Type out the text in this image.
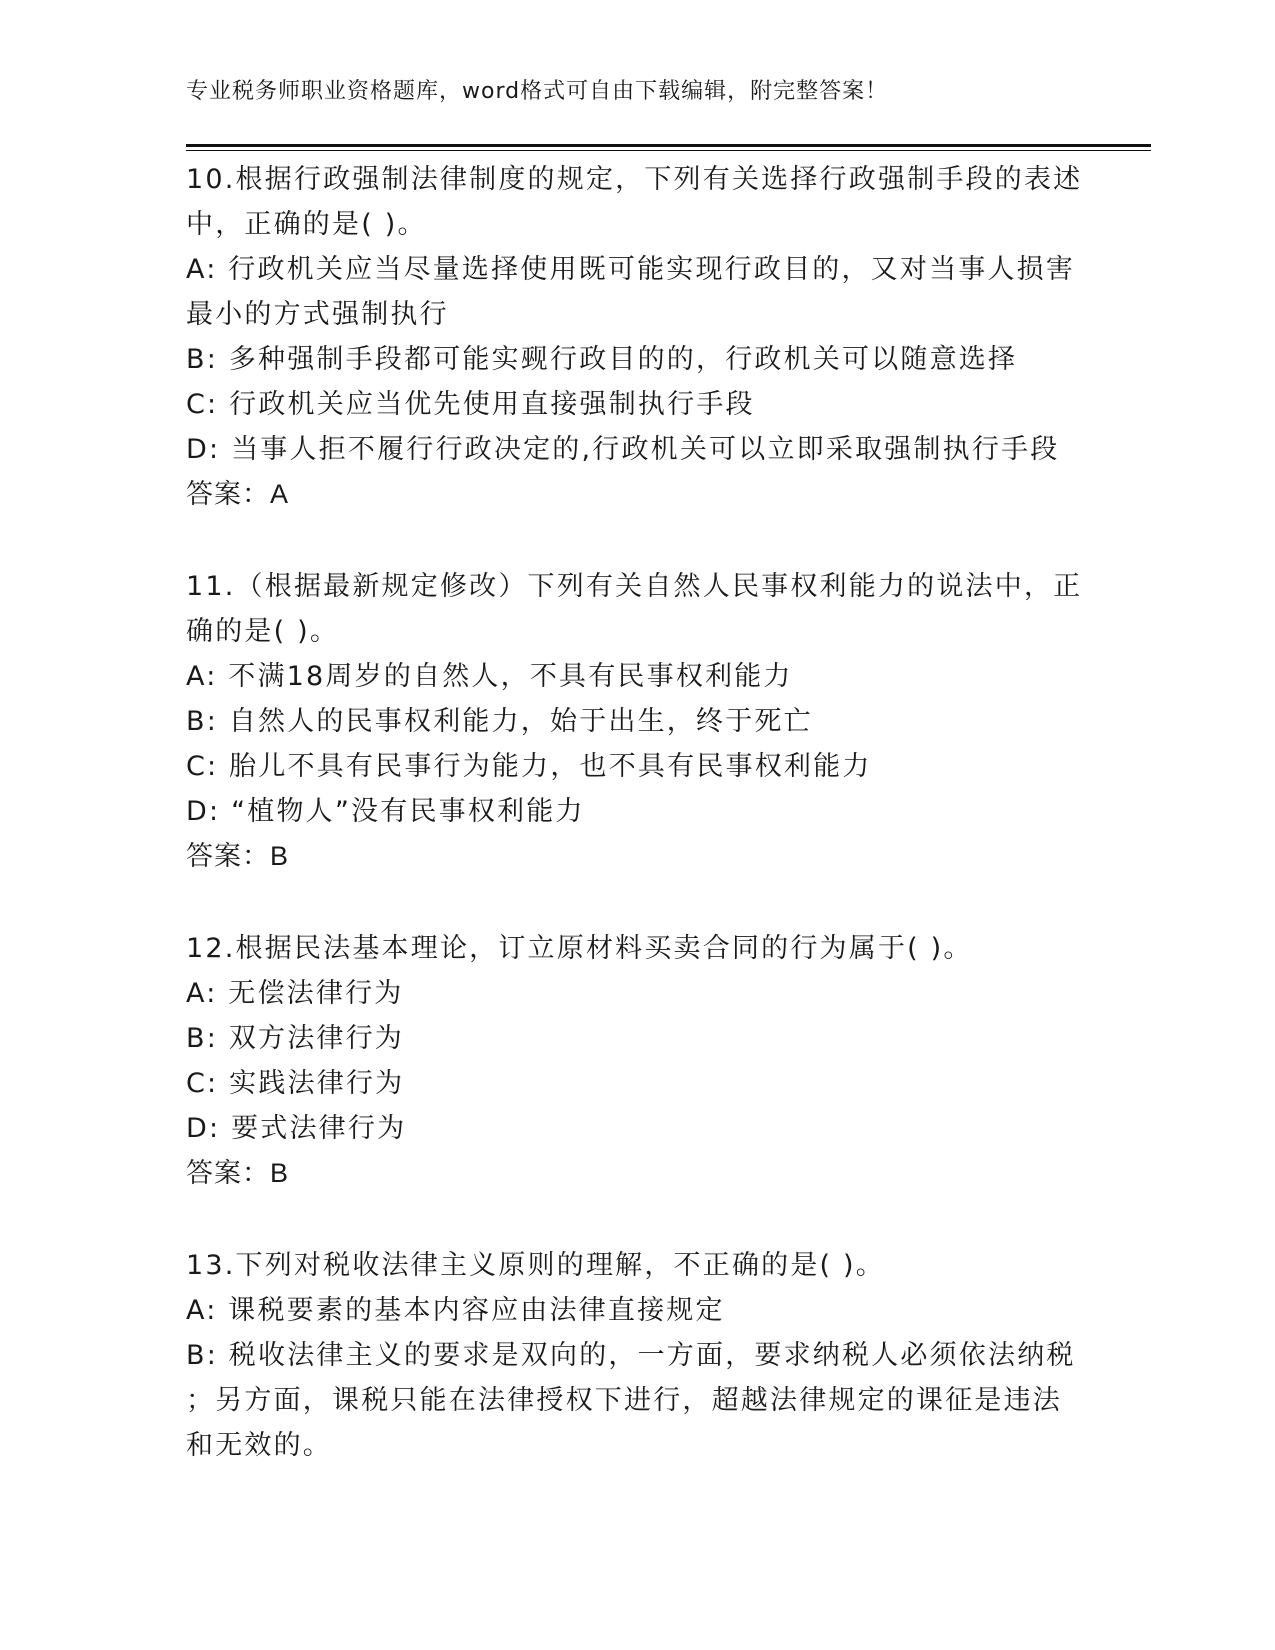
专业税务师职业资格题库，word格式可自由下载编辑，附完整答案！
10.根据行政强制法律制度的规定，下列有关选择行政强制手段的表述
中，正确的是( )。
A: 行政机关应当尽量选择使用既可能实现行政目的，又对当事人损害
最小的方式强制执行
B: 多种强制手段都可能实觋行政目的的，行政机关可以随意选择
C: 行政机关应当优先使用直接强制执行手段
D: 当事人拒不履行行政决定的,行政机关可以立即采取强制执行手段
答案：A
11.（根据最新规定修改）下列有关自然人民事权利能力的说法中，正
确的是( )。
A: 不满18周岁的自然人，不具有民事权利能力
B: 自然人的民事权利能力，始于出生，终于死亡
C: 胎儿不具有民事行为能力，也不具有民事权利能力
D: “植物人”没有民事权利能力
答案：B
12.根据民法基本理论，订立原材料买卖合同的行为属于( )。
A: 无偿法律行为
B: 双方法律行为
C: 实践法律行为
D: 要式法律行为
答案：B
13.下列对税收法律主义原则的理解，不正确的是( )。
A: 课税要素的基本内容应由法律直接规定
B: 税收法律主义的要求是双向的，一方面，要求纳税人必须依法纳税
；另方面，课税只能在法律授权下进行，超越法律规定的课征是违法
和无效的。
